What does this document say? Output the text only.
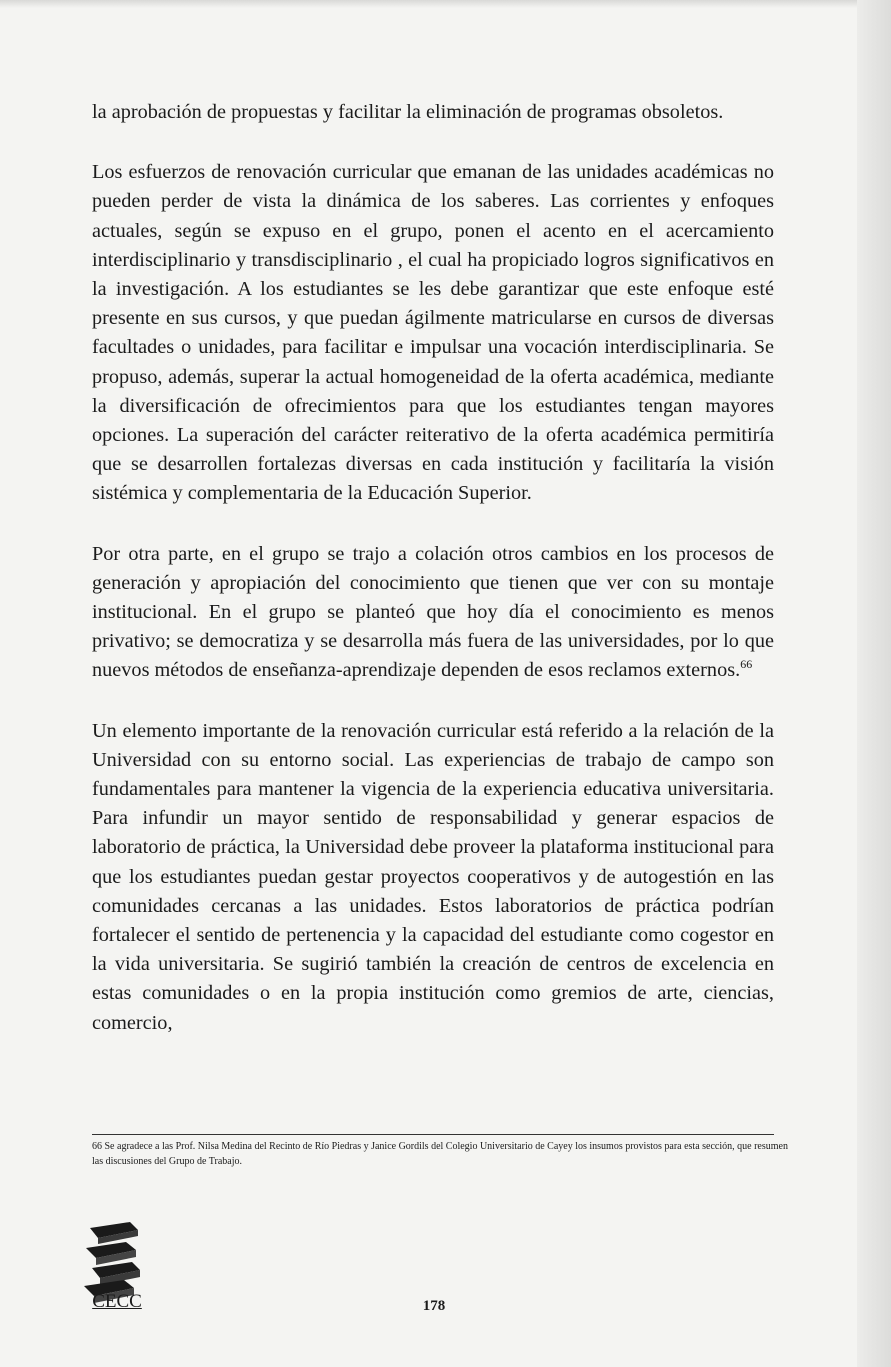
la aprobación de propuestas y facilitar la eliminación de programas obsoletos.

Los esfuerzos de renovación curricular que emanan de las unidades académicas no pueden perder de vista la dinámica de los saberes. Las corrientes y enfoques actuales, según se expuso en el grupo, ponen el acento en el acercamiento interdisciplinario y transdisciplinario , el cual ha propiciado logros significativos en la investigación. A los estudiantes se les debe garantizar que este enfoque esté presente en sus cursos, y que puedan ágilmente matricularse en cursos de diversas facultades o unidades, para facilitar e impulsar una vocación interdisciplinaria. Se propuso, además, superar la actual homogeneidad de la oferta académica, mediante la diversificación de ofrecimientos para que los estudiantes tengan mayores opciones. La superación del carácter reiterativo de la oferta académica permitiría que se desarrollen fortalezas diversas en cada institución y facilitaría la visión sistémica y complementaria de la Educación Superior.

Por otra parte, en el grupo se trajo a colación otros cambios en los procesos de generación y apropiación del conocimiento que tienen que ver con su montaje institucional. En el grupo se planteó que hoy día el conocimiento es menos privativo; se democratiza y se desarrolla más fuera de las universidades, por lo que nuevos métodos de enseñanza-aprendizaje dependen de esos reclamos externos.$^{66}$

Un elemento importante de la renovación curricular está referido a la relación de la Universidad con su entorno social. Las experiencias de trabajo de campo son fundamentales para mantener la vigencia de la experiencia educativa universitaria. Para infundir un mayor sentido de responsabilidad y generar espacios de laboratorio de práctica, la Universidad debe proveer la plataforma institucional para que los estudiantes puedan gestar proyectos cooperativos y de autogestión en las comunidades cercanas a las unidades. Estos laboratorios de práctica podrían fortalecer el sentido de pertenencia y la capacidad del estudiante como cogestor en la vida universitaria. Se sugirió también la creación de centros de excelencia en estas comunidades o en la propia institución como gremios de arte, ciencias, comercio,

66 Se agradece a las Prof. Nilsa Medina del Recinto de Río Piedras y Janice Gordils del Colegio Universitario de Cayey los insumos provistos para esta sección, que resumen las discusiones del Grupo de Trabajo.
CECC	178
